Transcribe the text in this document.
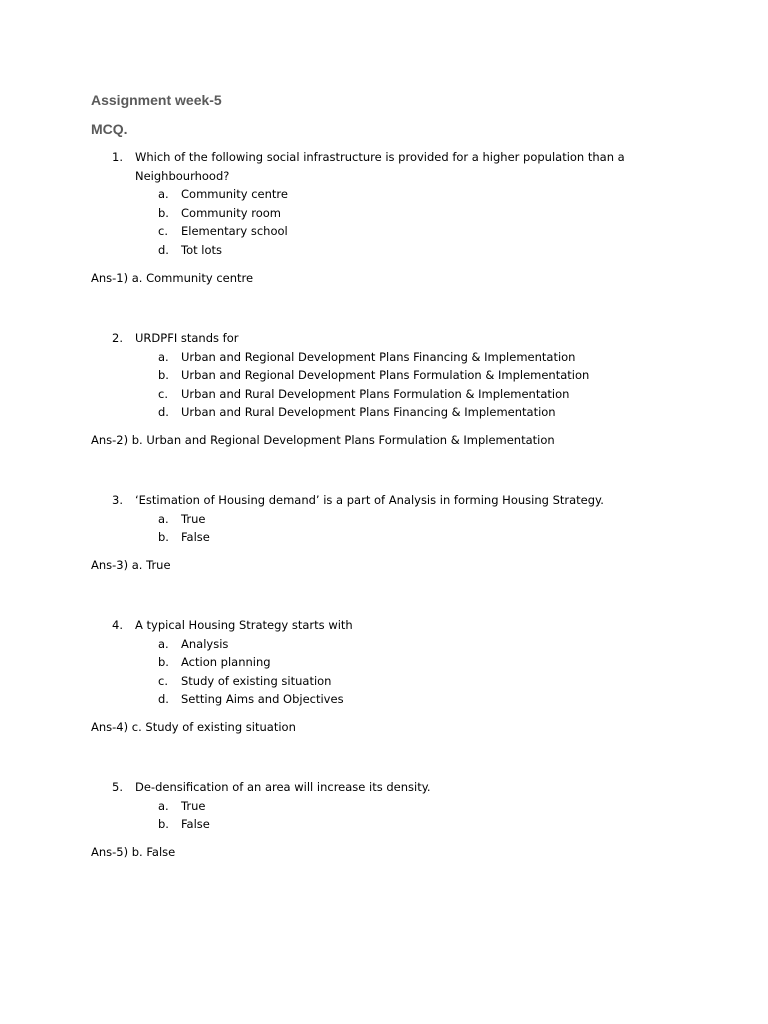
Assignment week-5
MCQ.
1.	Which of the following social infrastructure is provided for a higher population than a Neighbourhood?
a.	Community centre
b.	Community room
c.	Elementary school
d.	Tot lots
Ans-1) a. Community centre
2.	URDPFI stands for
a.	Urban and Regional Development Plans Financing & Implementation
b.	Urban and Regional Development Plans Formulation & Implementation
c.	Urban and Rural Development Plans Formulation & Implementation
d.	Urban and Rural Development Plans Financing & Implementation
Ans-2) b. Urban and Regional Development Plans Formulation & Implementation
3.	‘Estimation of Housing demand’ is a part of Analysis in forming Housing Strategy.
a.	True
b.	False
Ans-3) a. True
4.	A typical Housing Strategy starts with
a.	Analysis
b.	Action planning
c.	Study of existing situation
d.	Setting Aims and Objectives
Ans-4) c. Study of existing situation
5.	De-densification of an area will increase its density.
a.	True
b.	False
Ans-5) b. False
